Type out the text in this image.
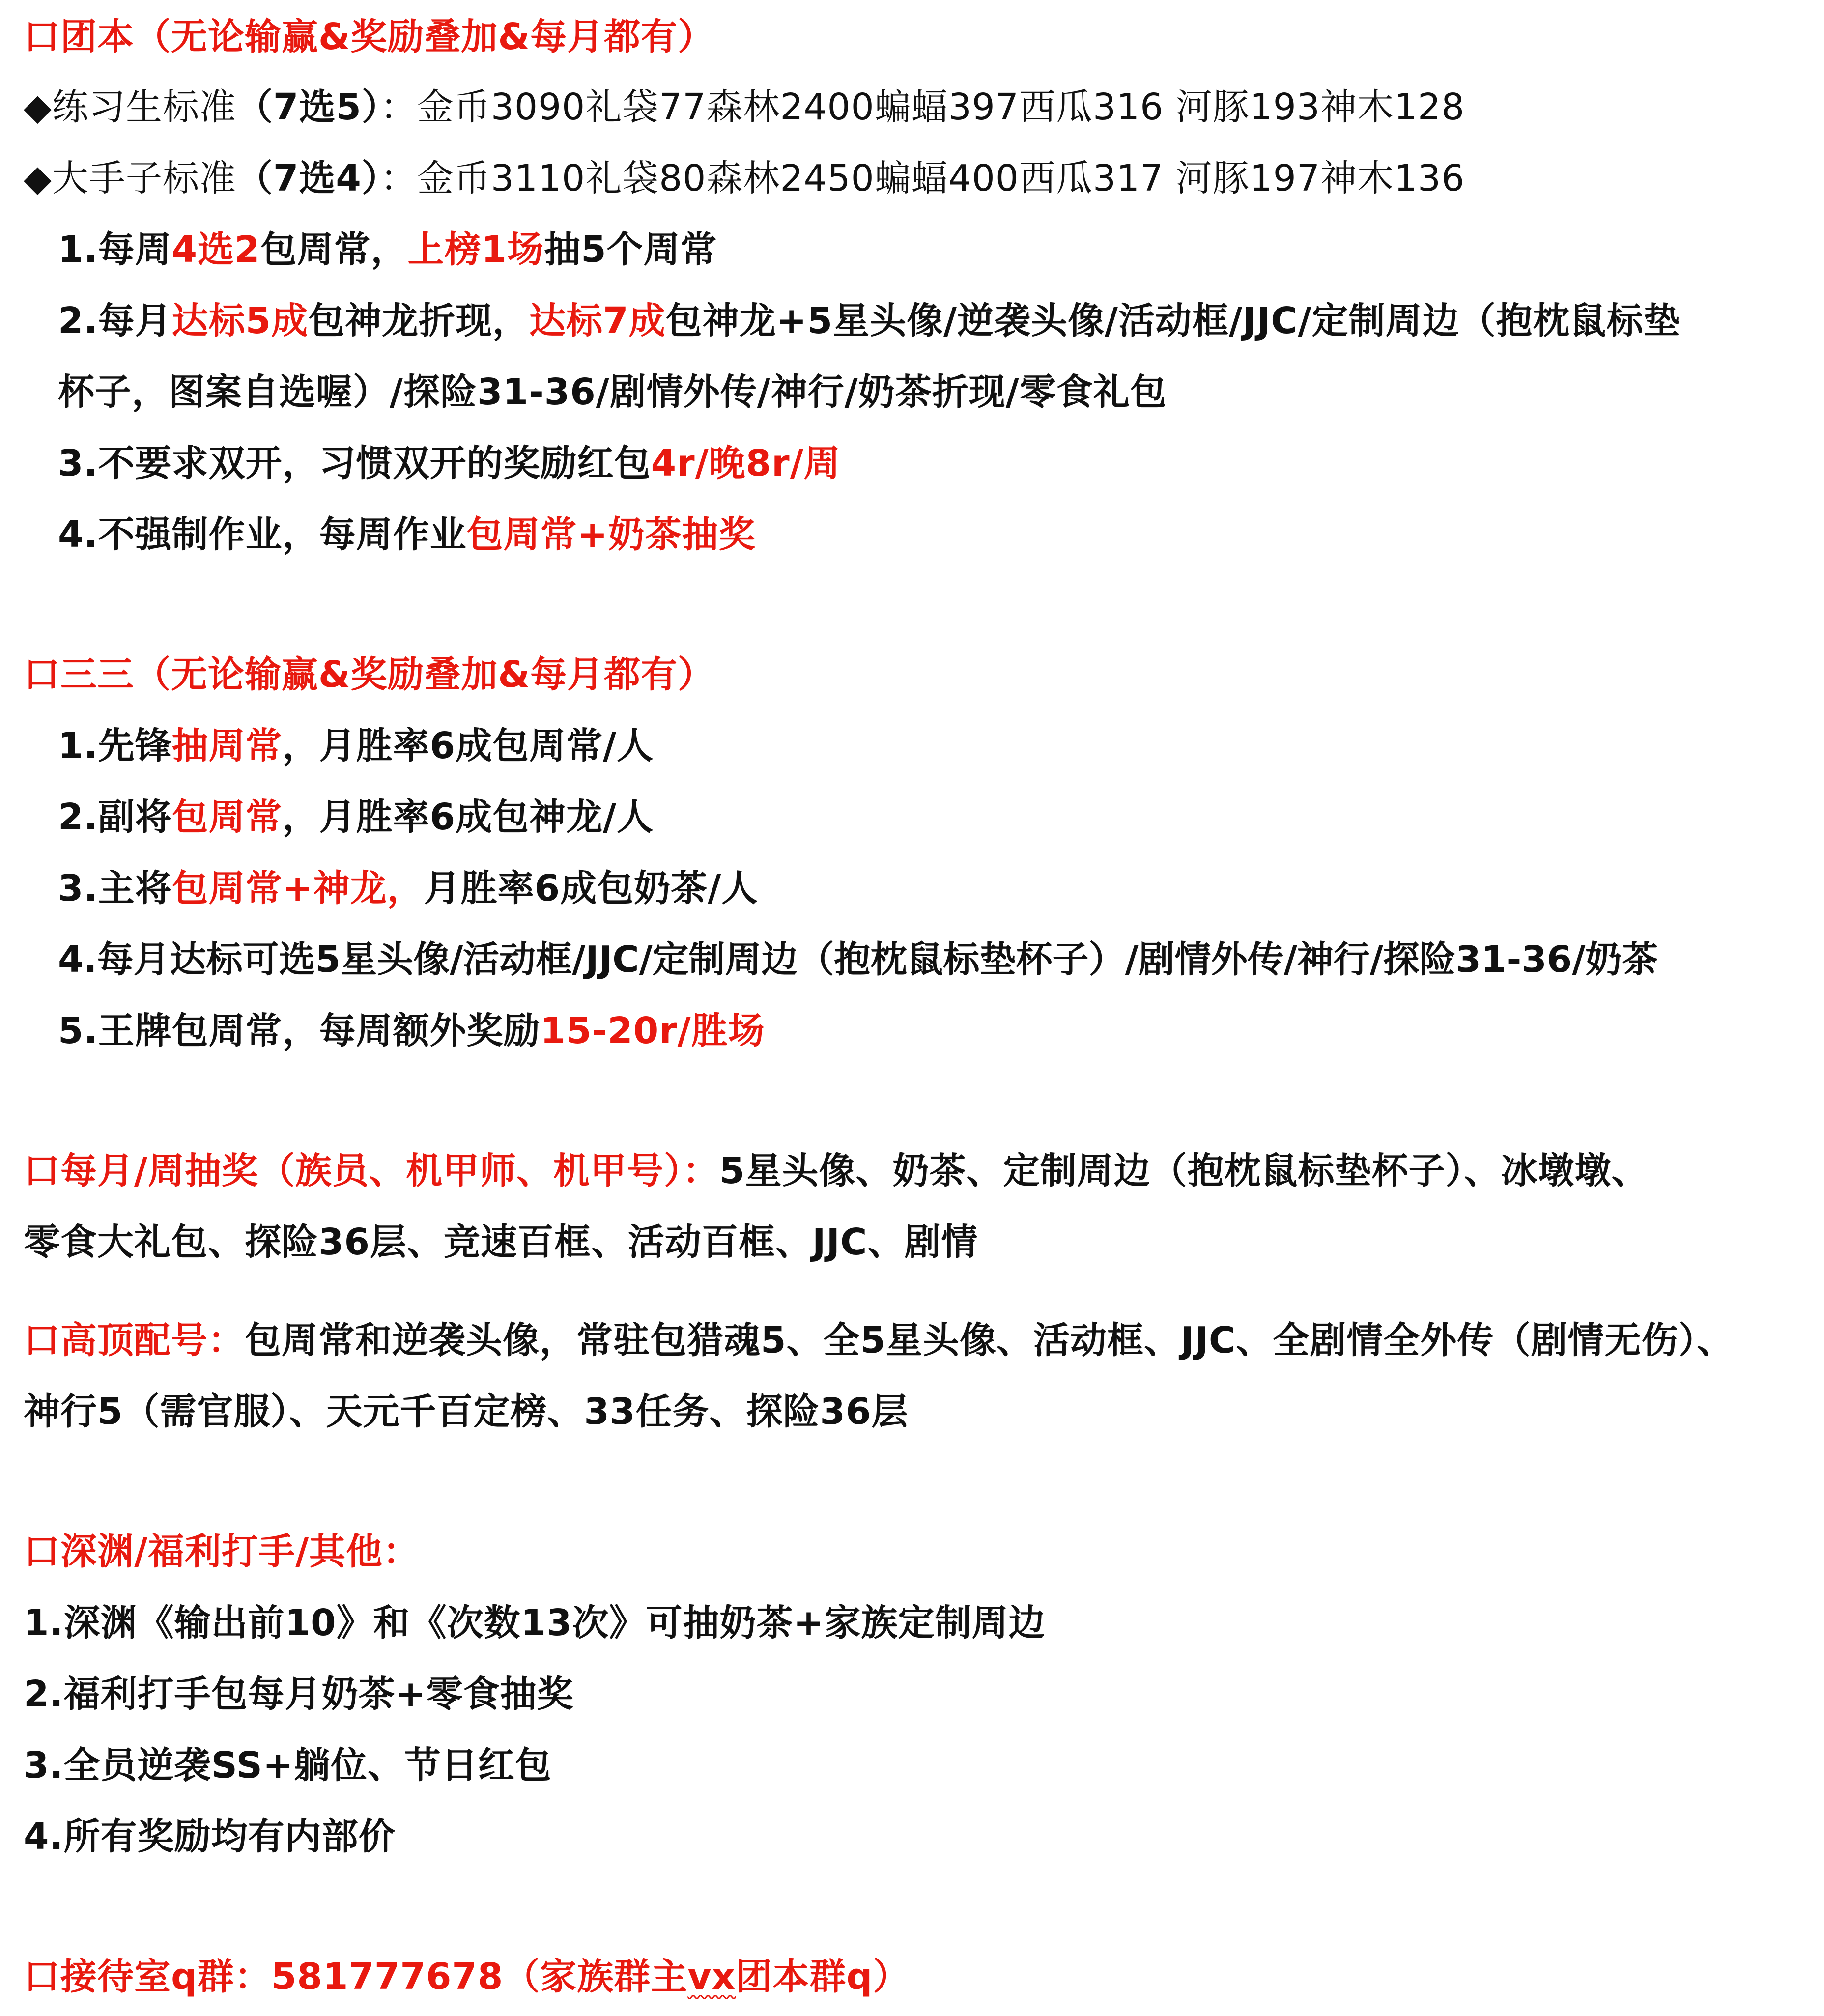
口团本（无论输赢&奖励叠加&每月都有）
◆练习生标准（7选5）：金币3090礼袋77森林2400蝙蝠397西瓜316 河豚193神木128
◆大手子标准（7选4）：金币3110礼袋80森林2450蝙蝠400西瓜317 河豚197神木136
1.每周4选2包周常，上榜1场抽5个周常
2.每月达标5成包神龙折现，达标7成包神龙+5星头像/逆袭头像/活动框/JJC/定制周边（抱枕鼠标垫
杯子，图案自选喔）/探险31-36/剧情外传/神行/奶茶折现/零食礼包
3.不要求双开，习惯双开的奖励红包4r/晚8r/周
4.不强制作业，每周作业包周常+奶茶抽奖
口三三（无论输赢&奖励叠加&每月都有）
1.先锋抽周常，月胜率6成包周常/人
2.副将包周常，月胜率6成包神龙/人
3.主将包周常+神龙，月胜率6成包奶茶/人
4.每月达标可选5星头像/活动框/JJC/定制周边（抱枕鼠标垫杯子）/剧情外传/神行/探险31-36/奶茶
5.王牌包周常，每周额外奖励15-20r/胜场
口每月/周抽奖（族员、机甲师、机甲号）：5星头像、奶茶、定制周边（抱枕鼠标垫杯子）、冰墩墩、
零食大礼包、探险36层、竞速百框、活动百框、JJC、剧情
口高顶配号：包周常和逆袭头像，常驻包猎魂5、全5星头像、活动框、JJC、全剧情全外传（剧情无伤）、
神行5（需官服）、天元千百定榜、33任务、探险36层
口深渊/福利打手/其他：
1.深渊《输出前10》和《次数13次》可抽奶茶+家族定制周边
2.福利打手包每月奶茶+零食抽奖
3.全员逆袭SS+躺位、节日红包
4.所有奖励均有内部价
口接待室q群：581777678（家族群主vx团本群q）
